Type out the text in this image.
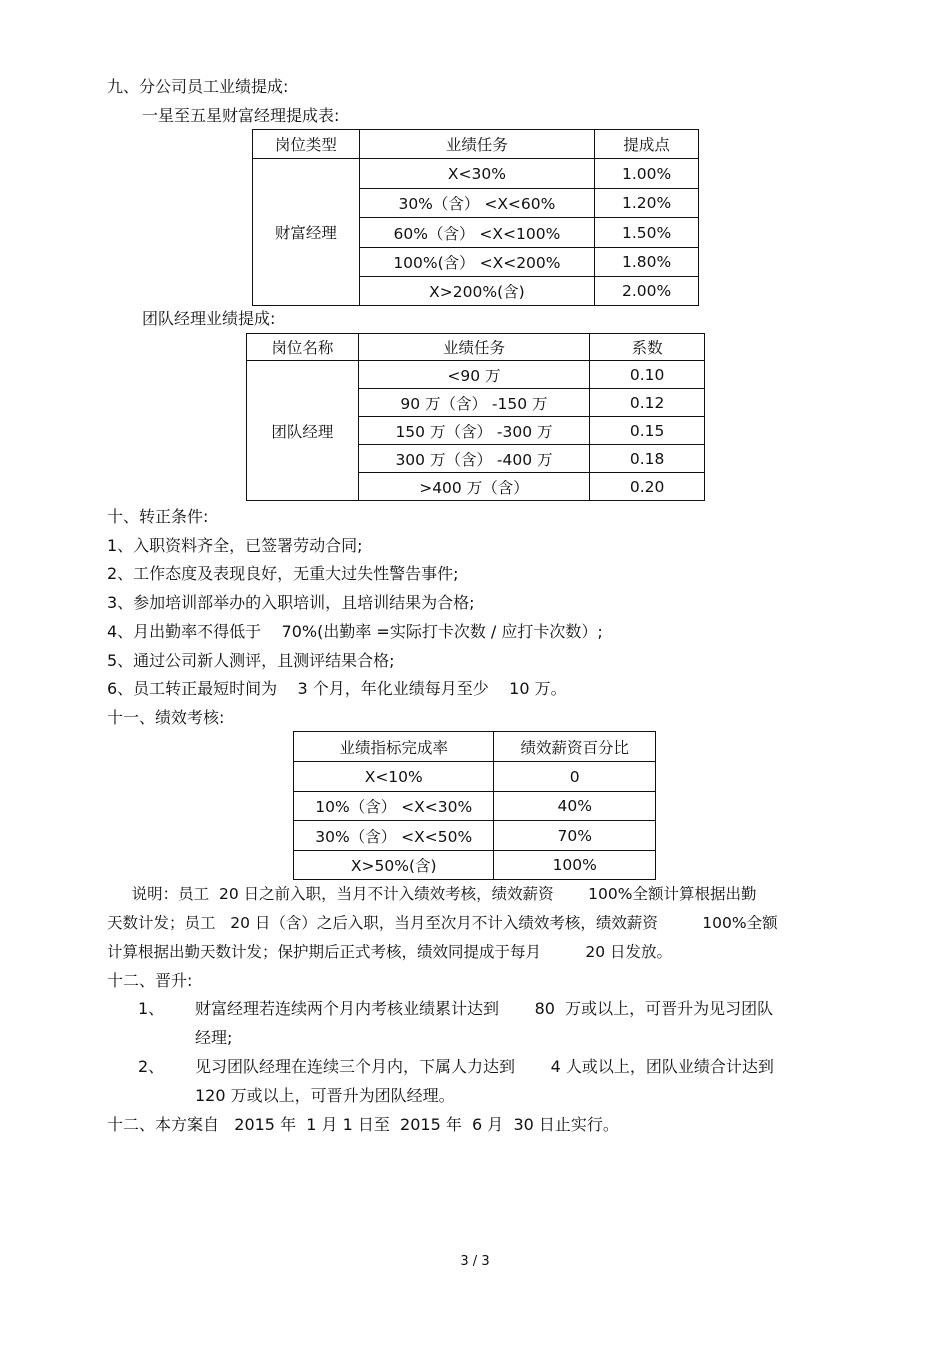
九、分公司员工业绩提成:
一星至五星财富经理提成表:
岗位类型	业绩任务	提成点
财富经理	X<30%	1.00%
	30%（含） <X<60%	1.20%
	60%（含） <X<100%	1.50%
	100%(含） <X<200%	1.80%
	X>200%(含)	2.00%
团队经理业绩提成:
岗位名称	业绩任务	系数
团队经理	<90 万	0.10
	90 万（含） -150 万	0.12
	150 万（含） -300 万	0.15
	300 万（含） -400 万	0.18
	>400 万（含）	0.20
十、转正条件:
1、入职资料齐全，已签署劳动合同;
2、工作态度及表现良好，无重大过失性警告事件;
3、参加培训部举办的入职培训，且培训结果为合格;
4、月出勤率不得低于    70%(出勤率 =实际打卡次数 / 应打卡次数）;
5、通过公司新人测评，且测评结果合格;
6、员工转正最短时间为    3 个月，年化业绩每月至少    10 万。
十一、绩效考核:
业绩指标完成率	绩效薪资百分比
X<10%	0
10%（含） <X<30%	40%
30%（含） <X<50%	70%
X>50%(含)	100%
说明：员工  20 日之前入职，当月不计入绩效考核，绩效薪资       100%全额计算根据出勤
天数计发；员工   20 日（含）之后入职，当月至次月不计入绩效考核，绩效薪资         100%全额
计算根据出勤天数计发；保护期后正式考核，绩效同提成于每月         20 日发放。
十二、晋升:
1、 财富经理若连续两个月内考核业绩累计达到       80  万或以上，可晋升为见习团队
经理;
2、 见习团队经理在连续三个月内，下属人力达到       4 人或以上，团队业绩合计达到
120 万或以上，可晋升为团队经理。
十二、本方案自   2015 年  1 月 1 日至  2015 年  6 月  30 日止实行。
3 / 3
